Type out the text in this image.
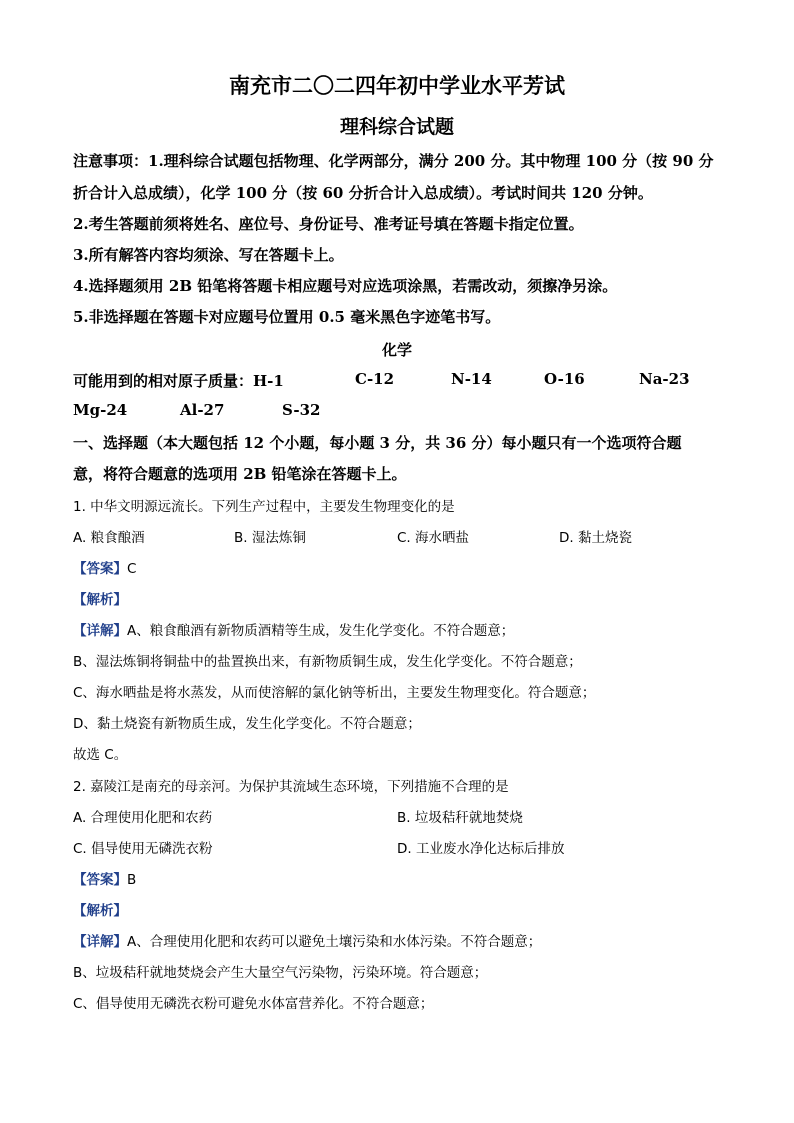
南充市二〇二四年初中学业水平芳试
理科综合试题
注意事项：1.理科综合试题包括物理、化学两部分，满分 200 分。其中物理 100 分（按 90 分
折合计入总成绩），化学 100 分（按 60 分折合计入总成绩）。考试时间共 120 分钟。
2.考生答题前须将姓名、座位号、身份证号、准考证号填在答题卡指定位置。
3.所有解答内容均须涂、写在答题卡上。
4.选择题须用 2B 铅笔将答题卡相应题号对应选项涂黑，若需改动，须擦净另涂。
5.非选择题在答题卡对应题号位置用 0.5 毫米黑色字迹笔书写。
化学
可能用到的相对原子质量：H-1	C-12	N-14	O-16	Na-23
Mg-24	Al-27	S-32
一、选择题（本大题包括 12 个小题，每小题 3 分，共 36 分）每小题只有一个选项符合题
意，将符合题意的选项用 2B 铅笔涂在答题卡上。
1. 中华文明源远流长。下列生产过程中，主要发生物理变化的是
A. 粮食酿酒	B. 湿法炼铜	C. 海水晒盐	D. 黏土烧瓷
【答案】C
【解析】
【详解】A、粮食酿酒有新物质酒精等生成，发生化学变化。不符合题意；
B、湿法炼铜将铜盐中的盐置换出来，有新物质铜生成，发生化学变化。不符合题意；
C、海水晒盐是将水蒸发，从而使溶解的氯化钠等析出，主要发生物理变化。符合题意；
D、黏土烧瓷有新物质生成，发生化学变化。不符合题意；
故选 C。
2. 嘉陵江是南充的母亲河。为保护其流域生态环境，下列措施不合理的是
A. 合理使用化肥和农药	B. 垃圾秸秆就地焚烧
C. 倡导使用无磷洗衣粉	D. 工业废水净化达标后排放
【答案】B
【解析】
【详解】A、合理使用化肥和农药可以避免土壤污染和水体污染。不符合题意；
B、垃圾秸秆就地焚烧会产生大量空气污染物，污染环境。符合题意；
C、倡导使用无磷洗衣粉可避免水体富营养化。不符合题意；
